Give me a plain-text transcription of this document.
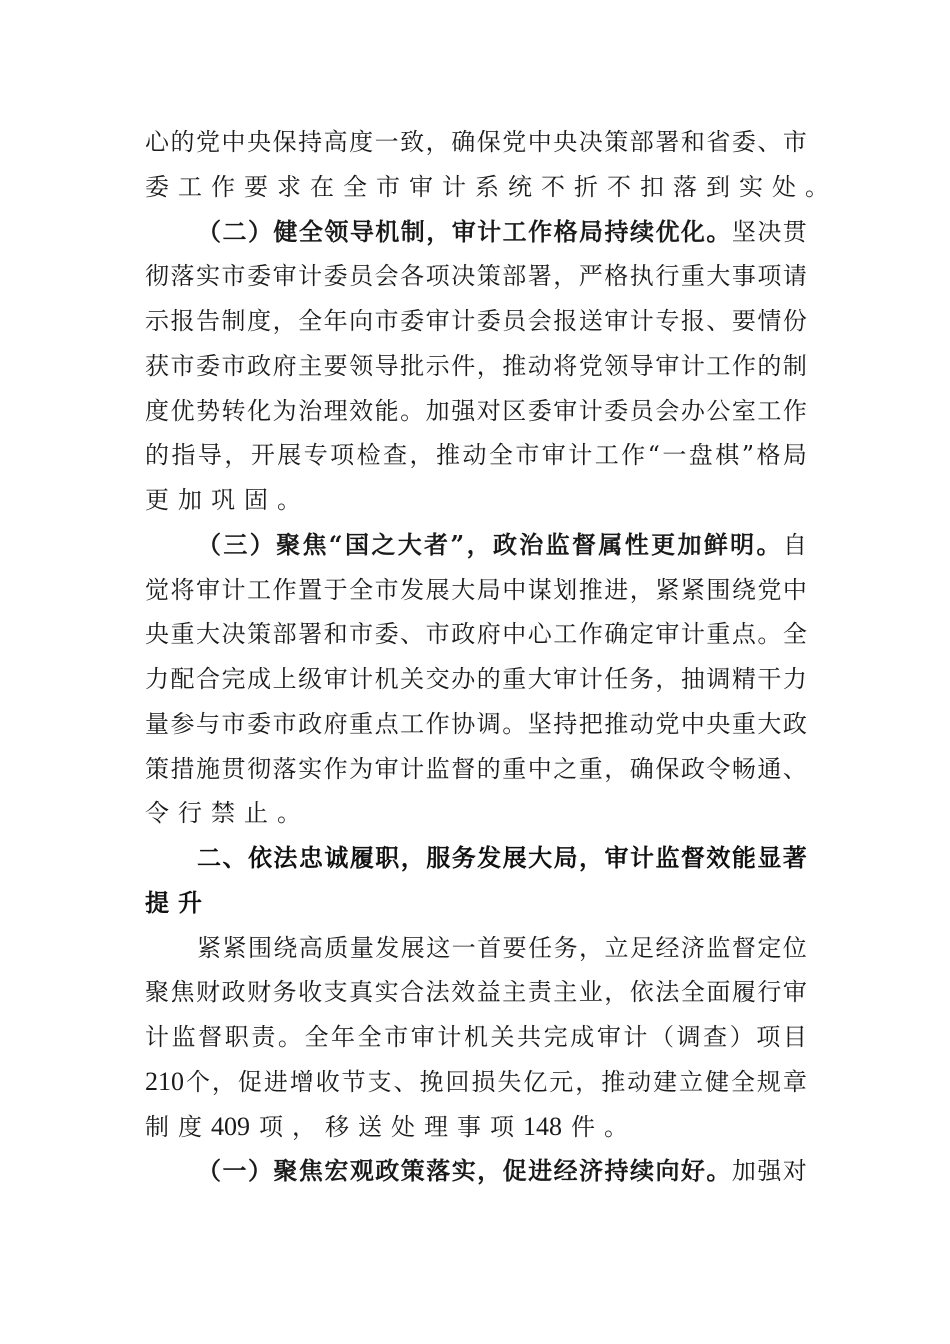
心 的 党 中 央 保 持 高 度 一 致 ， 确 保 党 中 央 决 策 部 署 和 省 委 、 市
委 工 作 要 求 在 全 市 审 计 系 统 不 折 不 扣 落 到 实 处 。
（ 二 ） 健 全 领 导 机 制 ， 审 计 工 作 格 局 持 续 优 化 。 坚 决 贯
彻 落 实 市 委 审 计 委 员 会 各 项 决 策 部 署 ， 严 格 执 行 重 大 事 项 请
示 报 告 制 度 ， 全 年 向 市 委 审 计 委 员 会 报 送 审 计 专 报 、 要 情 份
获 市 委 市 政 府 主 要 领 导 批 示 件 ， 推 动 将 党 领 导 审 计 工 作 的 制
度 优 势 转 化 为 治 理 效 能 。 加 强 对 区 委 审 计 委 员 会 办 公 室 工 作
的 指 导 ， 开 展 专 项 检 查 ， 推 动 全 市 审 计 工 作 “ 一 盘 棋 ” 格 局
更 加 巩 固 。
（ 三 ） 聚 焦 “ 国 之 大 者 ” ， 政 治 监 督 属 性 更 加 鲜 明 。 自
觉 将 审 计 工 作 置 于 全 市 发 展 大 局 中 谋 划 推 进 ， 紧 紧 围 绕 党 中
央 重 大 决 策 部 署 和 市 委 、 市 政 府 中 心 工 作 确 定 审 计 重 点 。 全
力 配 合 完 成 上 级 审 计 机 关 交 办 的 重 大 审 计 任 务 ， 抽 调 精 干 力
量 参 与 市 委 市 政 府 重 点 工 作 协 调 。 坚 持 把 推 动 党 中 央 重 大 政
策 措 施 贯 彻 落 实 作 为 审 计 监 督 的 重 中 之 重 ， 确 保 政 令 畅 通 、
令 行 禁 止 。
二 、 依 法 忠 诚 履 职 ， 服 务 发 展 大 局 ， 审 计 监 督 效 能 显 著
提 升
紧 紧 围 绕 高 质 量 发 展 这 一 首 要 任 务 ， 立 足 经 济 监 督 定 位
聚 焦 财 政 财 务 收 支 真 实 合 法 效 益 主 责 主 业 ， 依 法 全 面 履 行 审
计 监 督 职 责 。 全 年 全 市 审 计 机 关 共 完 成 审 计 （ 调 查 ） 项 目
210 个 ， 促 进 增 收 节 支 、 挽 回 损 失 亿 元 ， 推 动 建 立 健 全 规 章
制 度 409 项 ， 移 送 处 理 事 项 148 件 。
（ 一 ） 聚 焦 宏 观 政 策 落 实 ， 促 进 经 济 持 续 向 好 。 加 强 对
